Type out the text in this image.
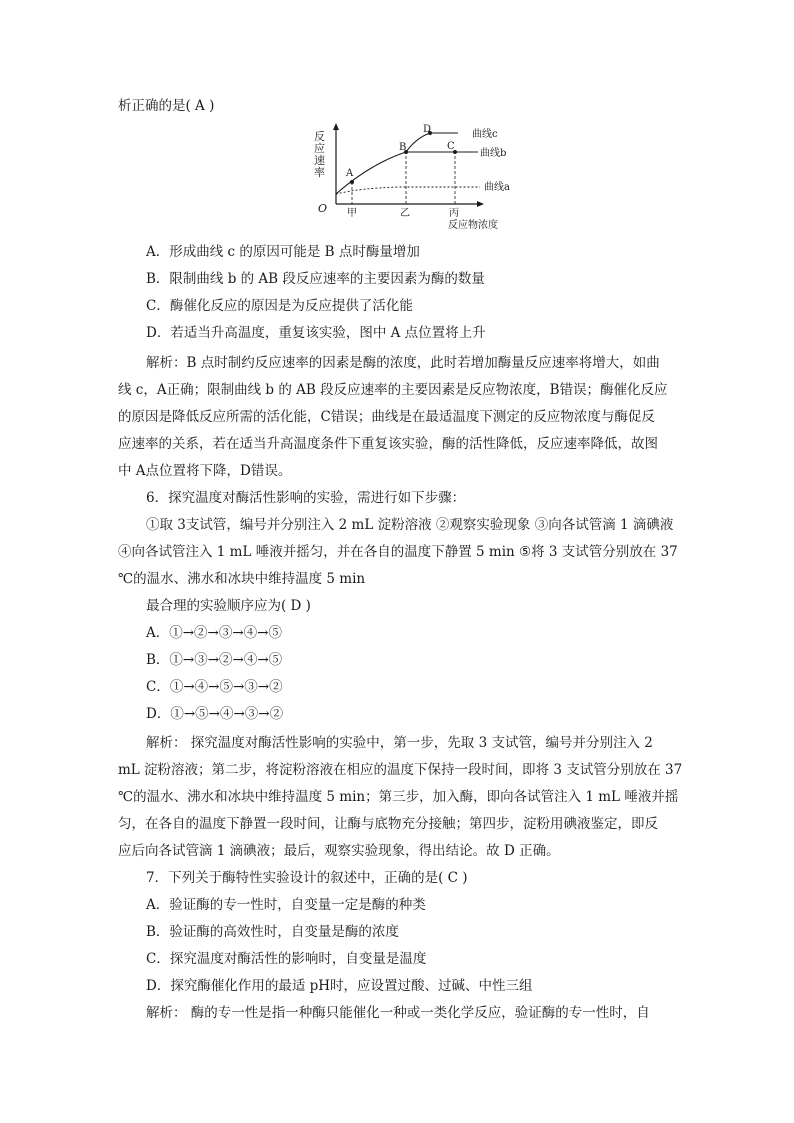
析正确的是( A )
反
应
速
率
O
A
B	C
D	曲线c
曲线b
曲线a
甲	乙	丙
反应物浓度
A．形成曲线 c 的原因可能是 B 点时酶量增加
B．限制曲线 b 的 AB 段反应速率的主要因素为酶的数量
C．酶催化反应的原因是为反应提供了活化能
D．若适当升高温度，重复该实验，图中 A 点位置将上升
解析：B 点时制约反应速率的因素是酶的浓度，此时若增加酶量反应速率将增大，如曲
线 c，A正确；限制曲线 b 的 AB 段反应速率的主要因素是反应物浓度，B错误；酶催化反应
的原因是降低反应所需的活化能，C错误；曲线是在最适温度下测定的反应物浓度与酶促反
应速率的关系，若在适当升高温度条件下重复该实验，酶的活性降低，反应速率降低，故图
中 A点位置将下降，D错误。
6．探究温度对酶活性影响的实验，需进行如下步骤：
①取 3支试管，编号并分别注入 2 mL 淀粉溶液 ②观察实验现象 ③向各试管滴 1 滴碘液
④向各试管注入 1 mL 唾液并摇匀，并在各自的温度下静置 5 min ⑤将 3 支试管分别放在 37
℃的温水、沸水和冰块中维持温度 5 min
最合理的实验顺序应为( D )
A．①→②→③→④→⑤
B．①→③→②→④→⑤
C．①→④→⑤→③→②
D．①→⑤→④→③→②
解析： 探究温度对酶活性影响的实验中，第一步，先取 3 支试管，编号并分别注入 2
mL 淀粉溶液；第二步，将淀粉溶液在相应的温度下保持一段时间，即将 3 支试管分别放在 37
℃的温水、沸水和冰块中维持温度 5 min；第三步，加入酶，即向各试管注入 1 mL 唾液并摇
匀，在各自的温度下静置一段时间，让酶与底物充分接触；第四步，淀粉用碘液鉴定，即反
应后向各试管滴 1 滴碘液；最后，观察实验现象，得出结论。故 D 正确。
7．下列关于酶特性实验设计的叙述中，正确的是( C )
A．验证酶的专一性时，自变量一定是酶的种类
B．验证酶的高效性时，自变量是酶的浓度
C．探究温度对酶活性的影响时，自变量是温度
D．探究酶催化作用的最适 pH时，应设置过酸、过碱、中性三组
解析： 酶的专一性是指一种酶只能催化一种或一类化学反应，验证酶的专一性时，自
